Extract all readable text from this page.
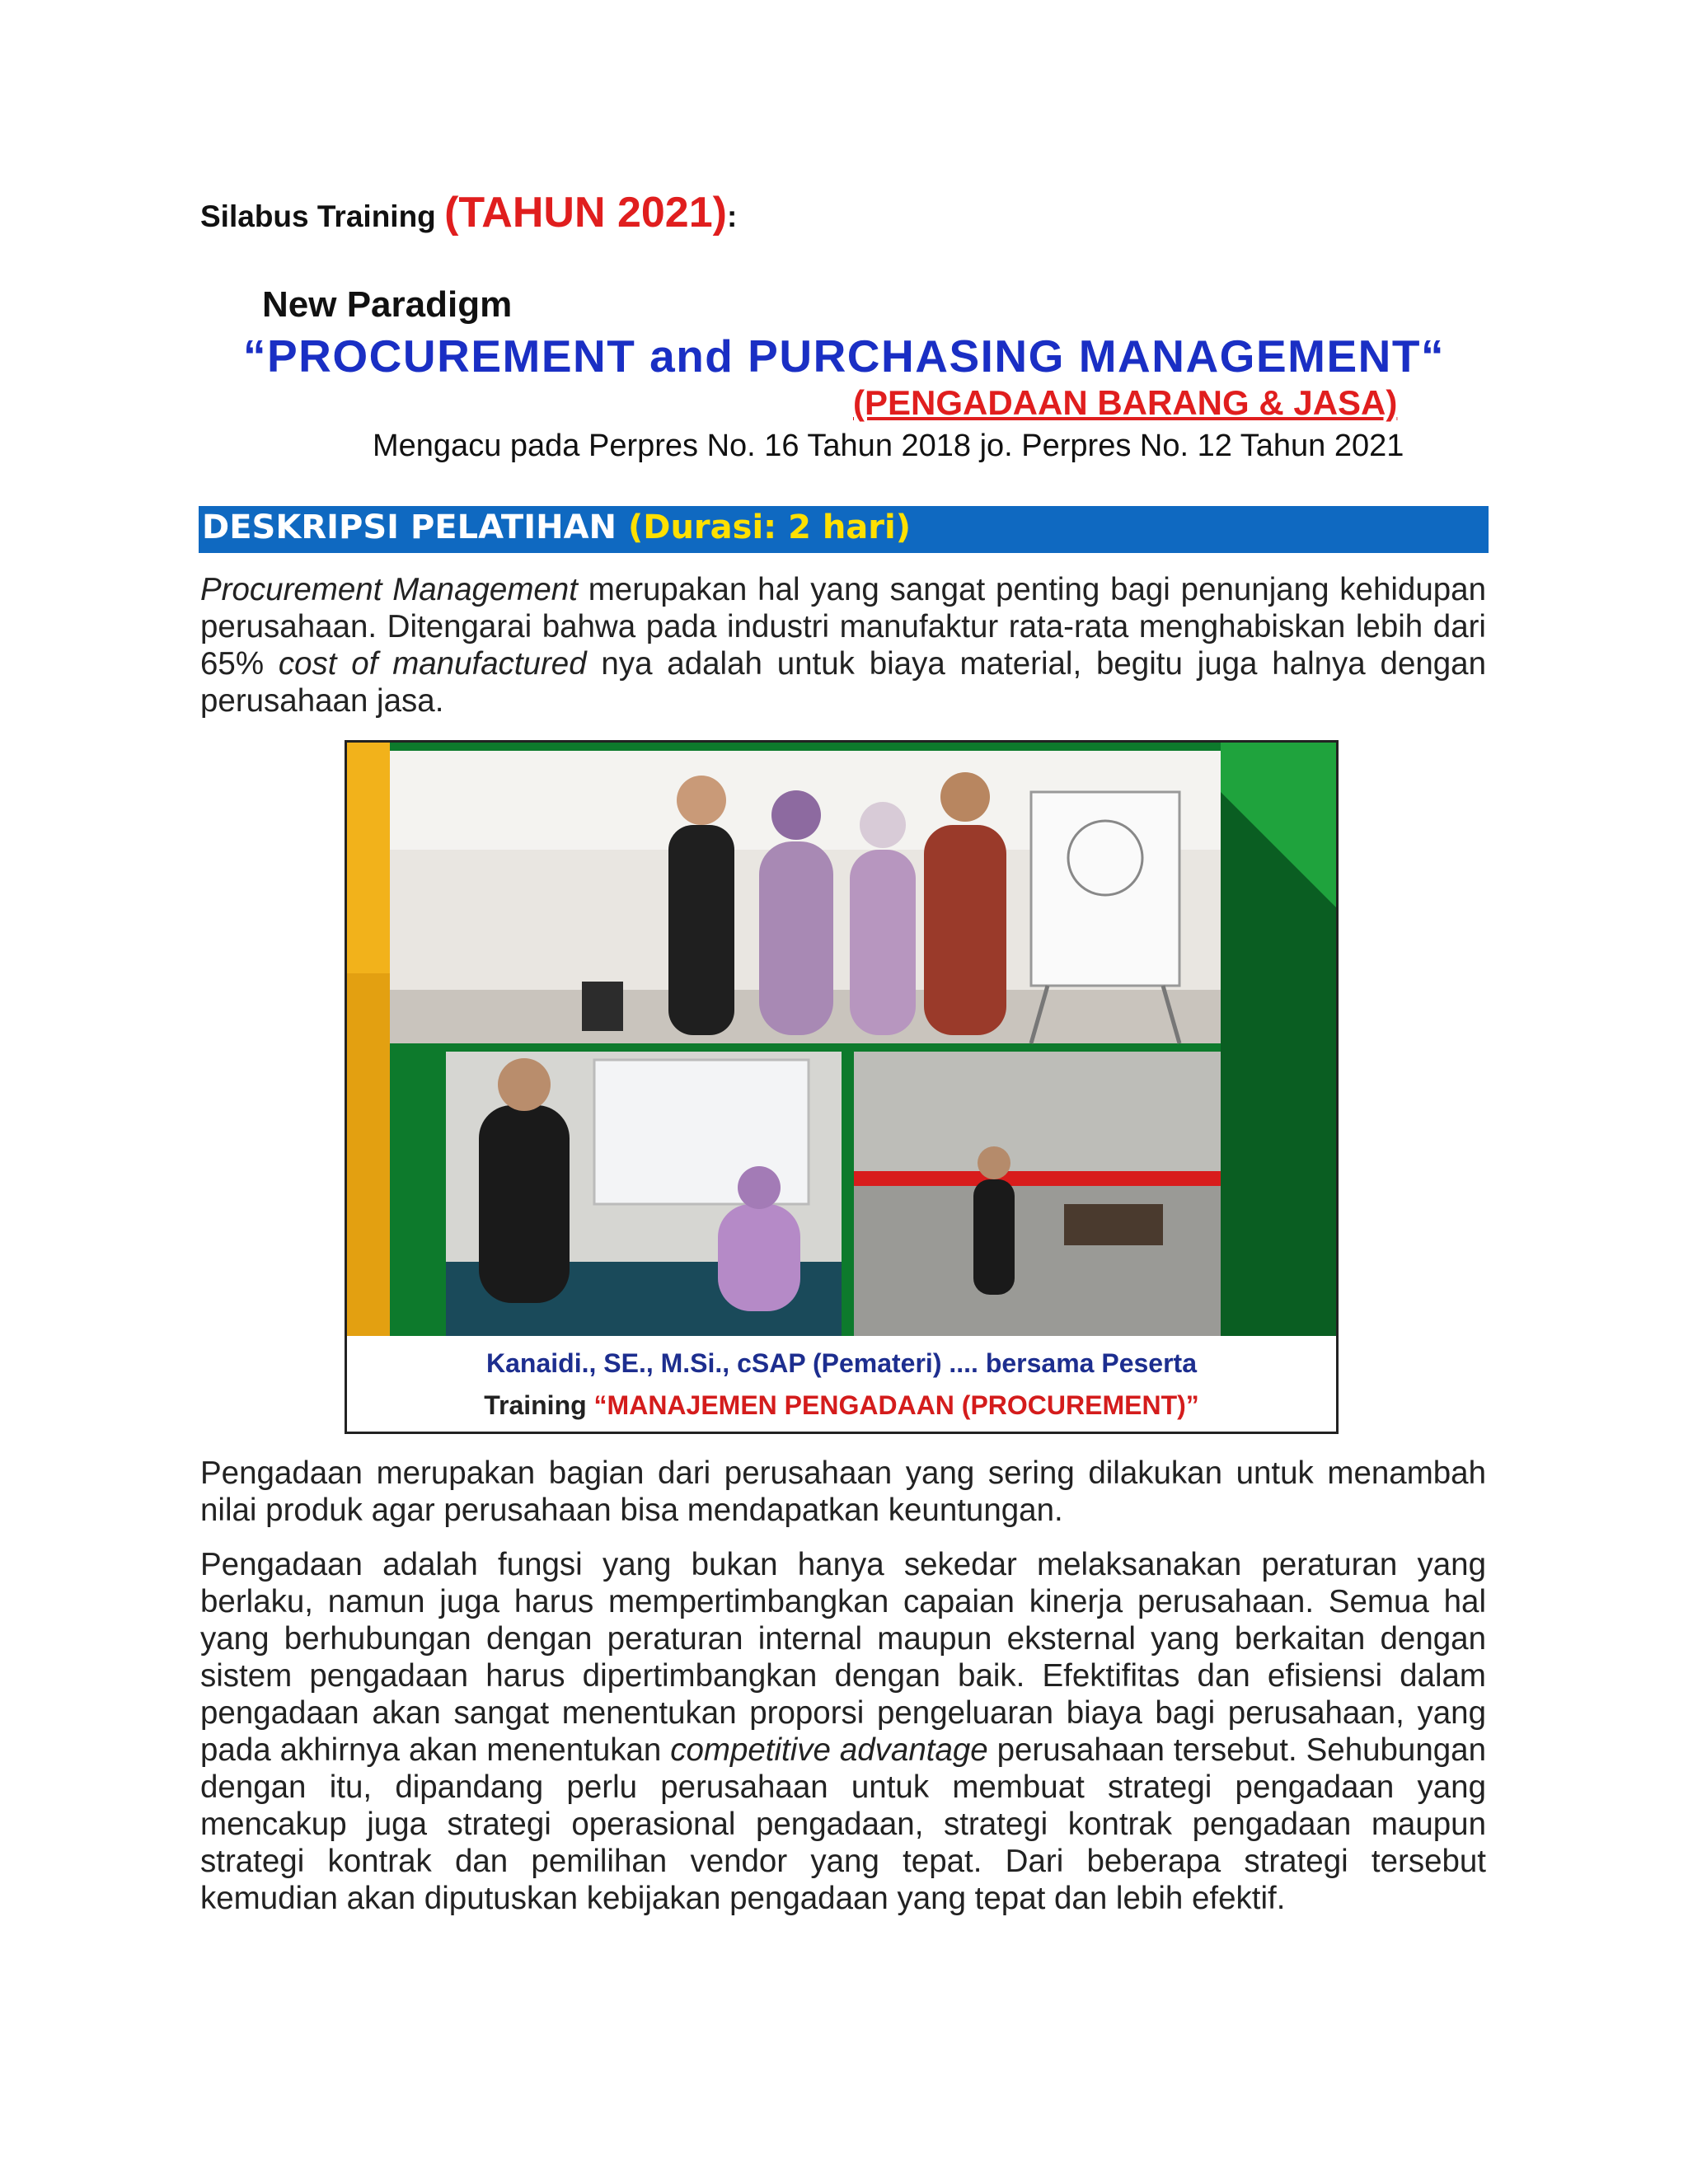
Silabus Training (TAHUN 2021):
New Paradigm
“PROCUREMENT and PURCHASING MANAGEMENT“
(PENGADAAN BARANG & JASA)
Mengacu pada Perpres No. 16 Tahun 2018 jo. Perpres No. 12 Tahun 2021
DESKRIPSI PELATIHAN (Durasi: 2 hari)
Procurement Management merupakan hal yang sangat penting bagi penunjang kehidupan perusahaan. Ditengarai bahwa pada industri manufaktur rata-rata menghabiskan lebih dari 65% cost of manufactured nya adalah untuk biaya material, begitu juga halnya dengan perusahaan jasa.
Kanaidi., SE., M.Si., cSAP (Pemateri) .... bersama Peserta
Training “MANAJEMEN PENGADAAN (PROCUREMENT)”
Pengadaan merupakan bagian dari perusahaan yang sering dilakukan untuk menambah nilai produk agar perusahaan bisa mendapatkan keuntungan.
Pengadaan adalah fungsi yang bukan hanya sekedar melaksanakan peraturan yang berlaku, namun juga harus mempertimbangkan capaian kinerja perusahaan. Semua hal yang berhubungan dengan peraturan internal maupun eksternal yang berkaitan dengan sistem pengadaan harus dipertimbangkan dengan baik. Efektifitas dan efisiensi dalam pengadaan akan sangat menentukan proporsi pengeluaran biaya bagi perusahaan, yang pada akhirnya akan menentukan competitive advantage perusahaan tersebut. Sehubungan dengan itu, dipandang perlu perusahaan untuk membuat strategi pengadaan yang mencakup juga strategi operasional pengadaan, strategi kontrak pengadaan maupun strategi kontrak dan pemilihan vendor yang tepat. Dari beberapa strategi tersebut kemudian akan diputuskan kebijakan pengadaan yang tepat dan lebih efektif.
